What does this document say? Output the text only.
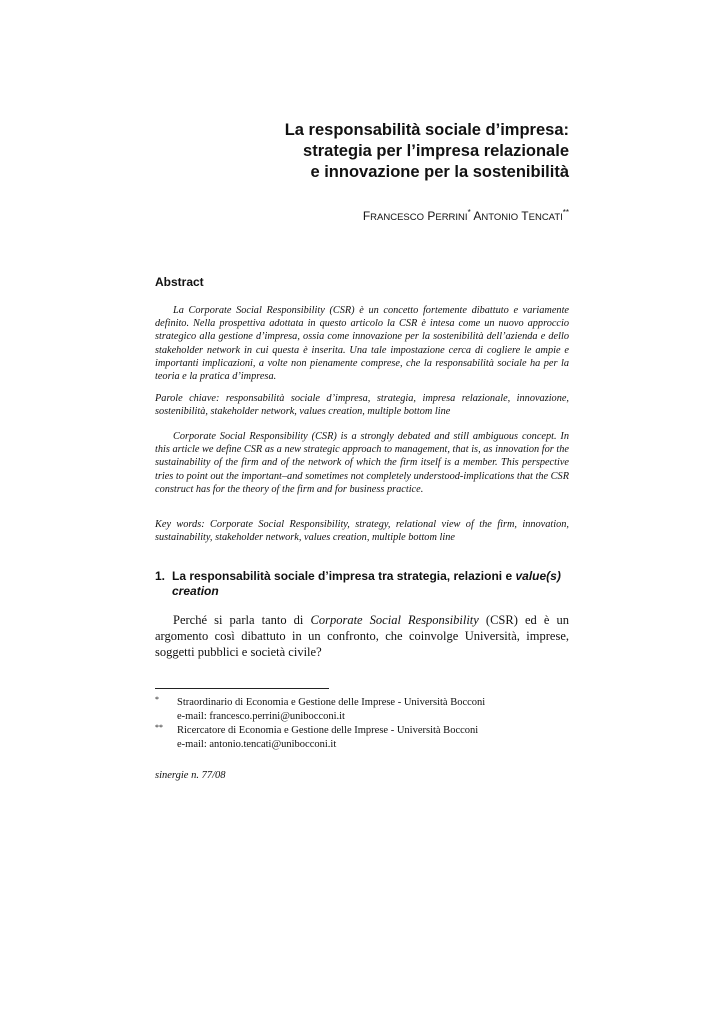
La responsabilità sociale d’impresa:
strategia per l’impresa relazionale
e innovazione per la sostenibilità
FRANCESCO PERRINI* ANTONIO TENCATI**
Abstract
La Corporate Social Responsibility (CSR) è un concetto fortemente dibattuto e variamente definito. Nella prospettiva adottata in questo articolo la CSR è intesa come un nuovo approccio strategico alla gestione d’impresa, ossia come innovazione per la sostenibilità dell’azienda e dello stakeholder network in cui questa è inserita. Una tale impostazione cerca di cogliere le ampie e importanti implicazioni, a volte non pienamente comprese, che la responsabilità sociale ha per la teoria e la pratica d’impresa.
Parole chiave: responsabilità sociale d’impresa, strategia, impresa relazionale, innovazione, sostenibilità, stakeholder network, values creation, multiple bottom line
Corporate Social Responsibility (CSR) is a strongly debated and still ambiguous concept. In this article we define CSR as a new strategic approach to management, that is, as innovation for the sustainability of the firm and of the network of which the firm itself is a member. This perspective tries to point out the important–and sometimes not completely understood-implications that the CSR construct has for the theory of the firm and for business practice.
Key words: Corporate Social Responsibility, strategy, relational view of the firm, innovation, sustainability, stakeholder network, values creation, multiple bottom line
1. La responsabilità sociale d’impresa tra strategia, relazioni e value(s) creation
Perché si parla tanto di Corporate Social Responsibility (CSR) ed è un argomento così dibattuto in un confronto, che coinvolge Università, imprese, soggetti pubblici e società civile?
* Straordinario di Economia e Gestione delle Imprese - Università Bocconi
e-mail: francesco.perrini@unibocconi.it
** Ricercatore di Economia e Gestione delle Imprese - Università Bocconi
e-mail: antonio.tencati@unibocconi.it
sinergie n. 77/08
